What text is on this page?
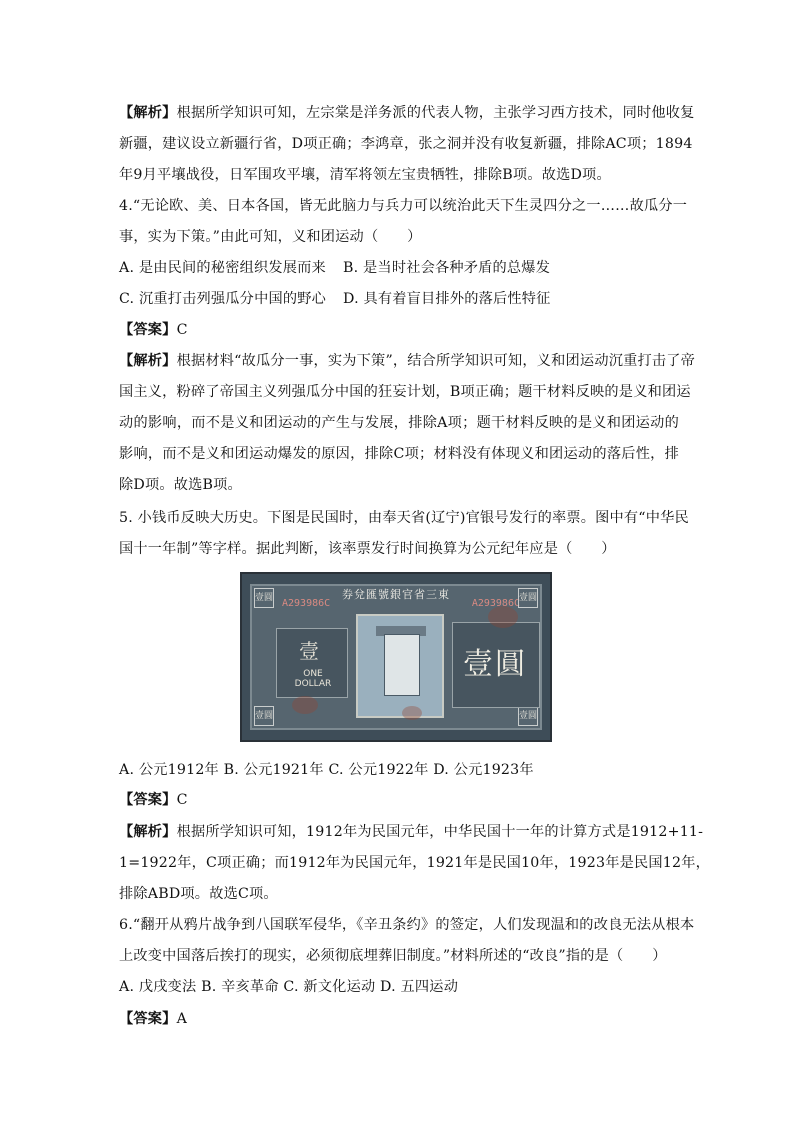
【解析】根据所学知识可知，左宗棠是洋务派的代表人物，主张学习西方技术，同时他收复
新疆，建议设立新疆行省，D项正确；李鸿章，张之洞并没有收复新疆，排除AC项；1894
年9月平壤战役，日军围攻平壤，清军将领左宝贵牺牲，排除B项。故选D项。
4.“无论欧、美、日本各国，皆无此脑力与兵力可以统治此天下生灵四分之一……故瓜分一
事，实为下策。”由此可知，义和团运动（　　）
A. 是由民间的秘密组织发展而来	B. 是当时社会各种矛盾的总爆发
C. 沉重打击列强瓜分中国的野心	D. 具有着盲目排外的落后性特征
【答案】C
【解析】根据材料“故瓜分一事，实为下策”，结合所学知识可知，义和团运动沉重打击了帝
国主义，粉碎了帝国主义列强瓜分中国的狂妄计划，B项正确；题干材料反映的是义和团运
动的影响，而不是义和团运动的产生与发展，排除A项；题干材料反映的是义和团运动的
影响，而不是义和团运动爆发的原因，排除C项；材料没有体现义和团运动的落后性，排
除D项。故选B项。
5. 小钱币反映大历史。下图是民国时，由奉天省(辽宁)官银号发行的率票。图中有“中华民
国十一年制”等字样。据此判断，该率票发行时间换算为公元纪年应是（　　）
券兌匯號銀官省三東
A293986C	A293986C
壹圓	壹圓
壹圓	壹圓
壹
ONE DOLLAR
壹圓
A. 公元1912年 B. 公元1921年 C. 公元1922年 D. 公元1923年
【答案】C
【解析】根据所学知识可知，1912年为民国元年，中华民国十一年的计算方式是1912+11-
1=1922年，C项正确；而1912年为民国元年，1921年是民国10年，1923年是民国12年，
排除ABD项。故选C项。
6.“翻开从鸦片战争到八国联军侵华，《辛丑条约》的签定，人们发现温和的改良无法从根本
上改变中国落后挨打的现实，必须彻底埋葬旧制度。”材料所述的“改良”指的是（　　）
A. 戊戌变法 B. 辛亥革命 C. 新文化运动 D. 五四运动
【答案】A
